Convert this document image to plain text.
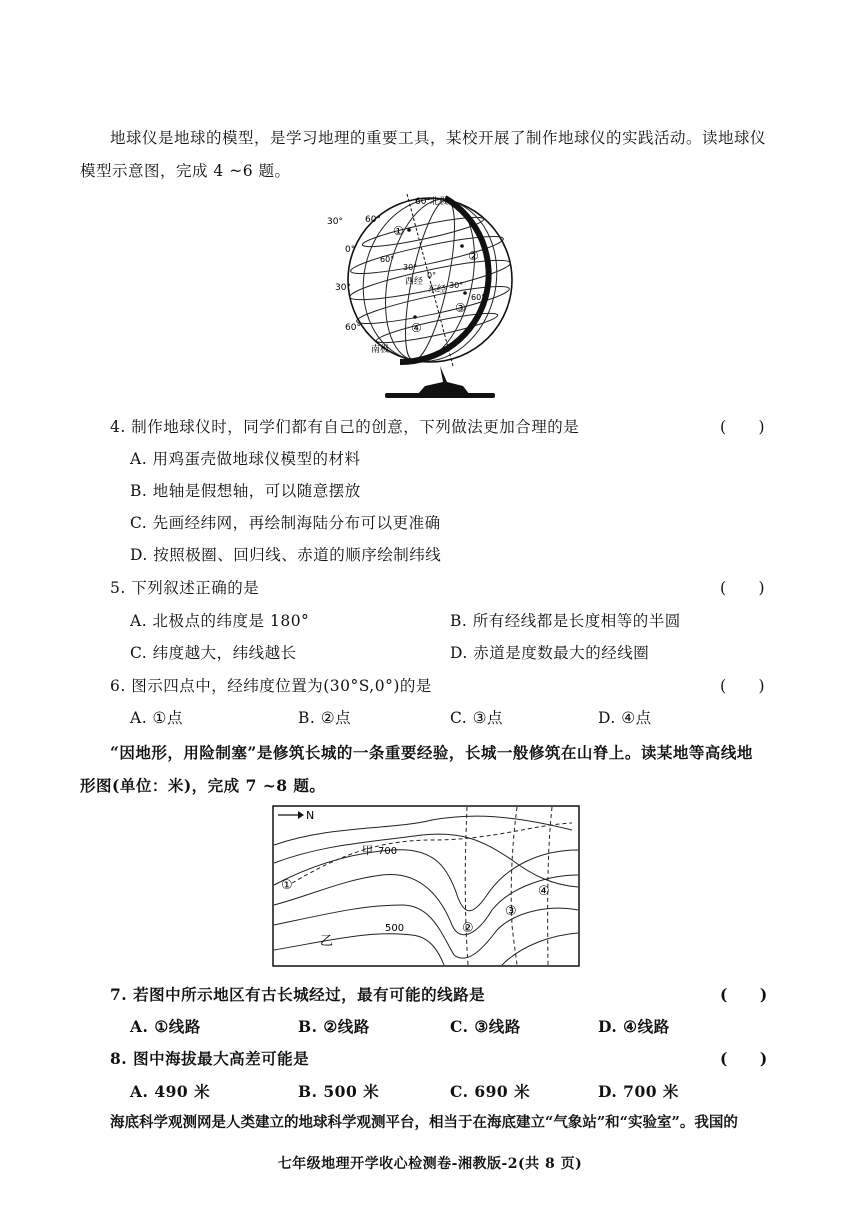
地球仪是地球的模型，是学习地理的重要工具，某校开展了制作地球仪的实践活动。读地球仪
模型示意图，完成 4 ~6 题。
60°
30°
0°
30°
60°
60° 北极
南极
60°
30°
0°
30°
60°
西经
东经
①
②
③
④
4. 制作地球仪时，同学们都有自己的创意，下列做法更加合理的是	(　　)
A. 用鸡蛋壳做地球仪模型的材料
B. 地轴是假想轴，可以随意摆放
C. 先画经纬网，再绘制海陆分布可以更准确
D. 按照极圈、回归线、赤道的顺序绘制纬线
5. 下列叙述正确的是	(　　)
A. 北极点的纬度是 180°	B. 所有经线都是长度相等的半圆
C. 纬度越大，纬线越长	D. 赤道是度数最大的经线圈
6. 图示四点中，经纬度位置为(30°S,0°)的是	(　　)
A. ①点	B. ②点	C. ③点	D. ④点
“因地形，用险制塞”是修筑长城的一条重要经验，长城一般修筑在山脊上。读某地等高线地
形图(单位：米)，完成 7 ~8 题。
N
甲 700
乙
500
①
②
③
④
7. 若图中所示地区有古长城经过，最有可能的线路是	(　　)
A. ①线路	B. ②线路	C. ③线路	D. ④线路
8. 图中海拔最大高差可能是	(　　)
A. 490 米	B. 500 米	C. 690 米	D. 700 米
海底科学观测网是人类建立的地球科学观测平台，相当于在海底建立“气象站”和“实验室”。我国的
七年级地理开学收心检测卷-湘教版-2(共 8 页)
